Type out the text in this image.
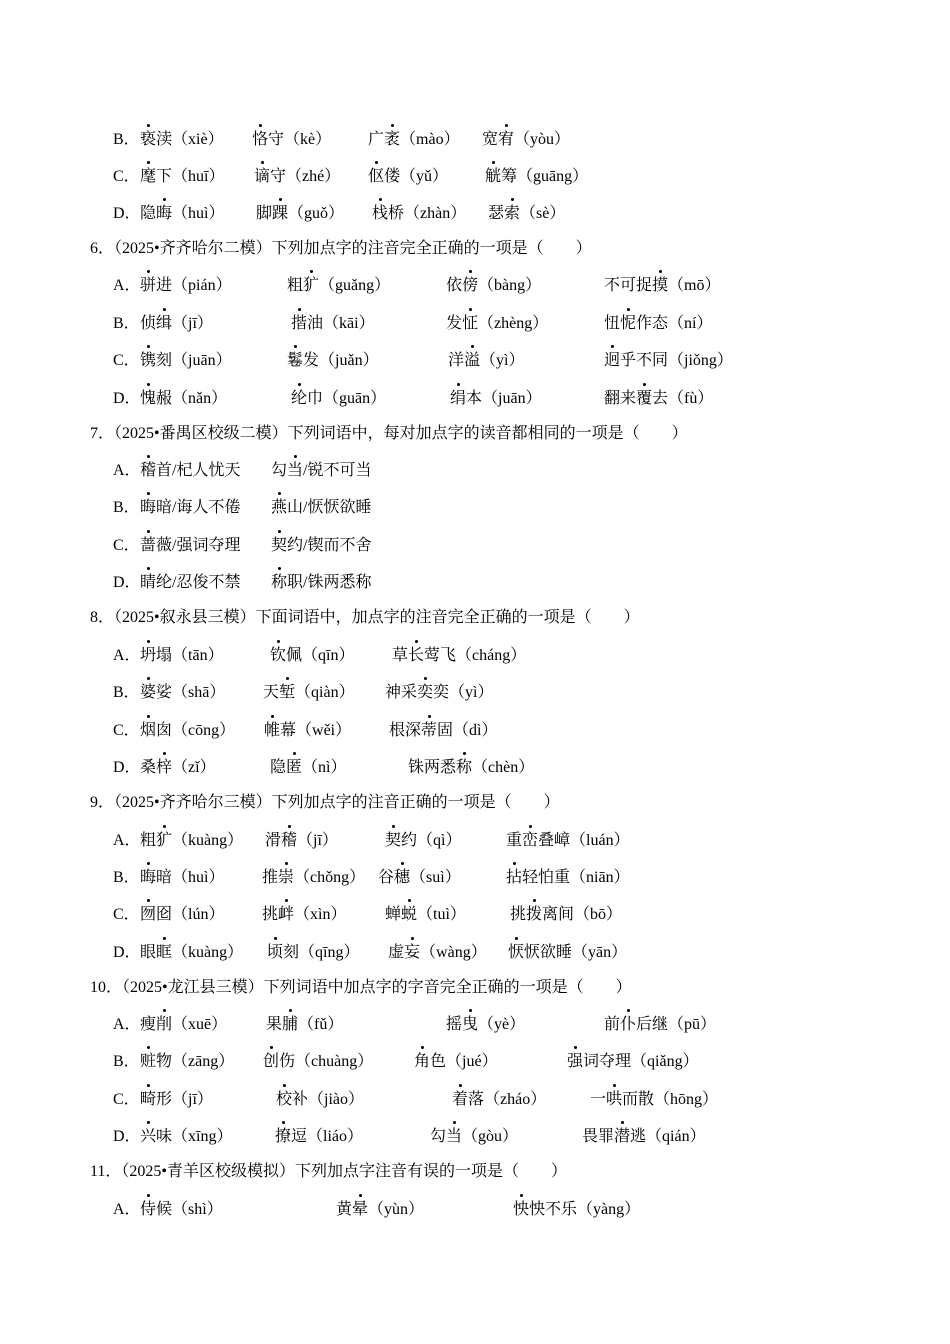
B． 亵渎（xiè） 恪守（kè） 广袤（mào） 宽宥（yòu）
C． 麾下（huī） 谪守（zhé） 伛偻（yǔ） 觥筹（guāng）
D． 隐晦（huì） 脚踝（guǒ） 栈桥（zhàn） 瑟索（sè）
6．（2025•齐齐哈尔二模）下列加点字的注音完全正确的一项是（　　）
A． 骈进（pián）	粗犷（guǎng）	依傍（bàng）	不可捉摸（mō）
B． 侦缉（jī）	揩油（kāi）	发怔（zhèng）	忸怩作态（ní）
C． 镌刻（juān）	鬈发（juǎn）	洋溢（yì）	迥乎不同（jiǒng）
D． 愧赧（nǎn）	纶巾（guān）	绢本（juān）	翻来覆去（fù）
7．（2025•番禺区校级二模）下列词语中，每对加点字的读音都相同的一项是（　　）
A． 稽首/杞人忧天 勾当/锐不可当
B． 晦暗/诲人不倦 燕山/恹恹欲睡
C． 蔷薇/强词夺理 契约/锲而不舍
D． 睛纶/忍俊不禁 称职/铢两悉称
8．（2025•叙永县三模）下面词语中，加点字的注音完全正确的一项是（　　）
A． 坍塌（tān）	钦佩（qīn） 草长莺飞（cháng）
B． 婆娑（shā） 天堑（qiàn） 神采奕奕（yì）
C． 烟囱（cōng） 帷幕（wěi） 根深蒂固（dì）
D． 桑梓（zǐ）	隐匿（nì）	铢两悉称（chèn）
9．（2025•齐齐哈尔三模）下列加点字的注音正确的一项是（　　）
A． 粗犷（kuàng） 滑稽（jī）	契约（qì）	重峦叠嶂（luán）
B． 晦暗（huì） 推崇（chǒng） 谷穗（suì）	拈轻怕重（niān）
C． 囫囵（lún） 挑衅（xìn） 蝉蜕（tuì）	挑拨离间（bō）
D． 眼眶（kuàng） 顷刻（qīng） 虚妄（wàng） 恹恹欲睡（yān）
10．（2025•龙江县三模）下列词语中加点字的字音完全正确的一项是（　　）
A． 瘦削（xuē） 果脯（fǔ）	摇曳（yè）	前仆后继（pū）
B． 赃物（zāng） 创伤（chuàng）	角色（jué）	强词夺理（qiǎng）
C． 畸形（jī）	校补（jiào）	着落（zháo）	一哄而散（hōng）
D． 兴味（xīng）	撩逗（liáo）	勾当（gòu）	畏罪潜逃（qián）
11．（2025•青羊区校级模拟）下列加点字注音有误的一项是（　　）
A． 侍候（shì）	黄晕（yùn）	怏怏不乐（yàng）
